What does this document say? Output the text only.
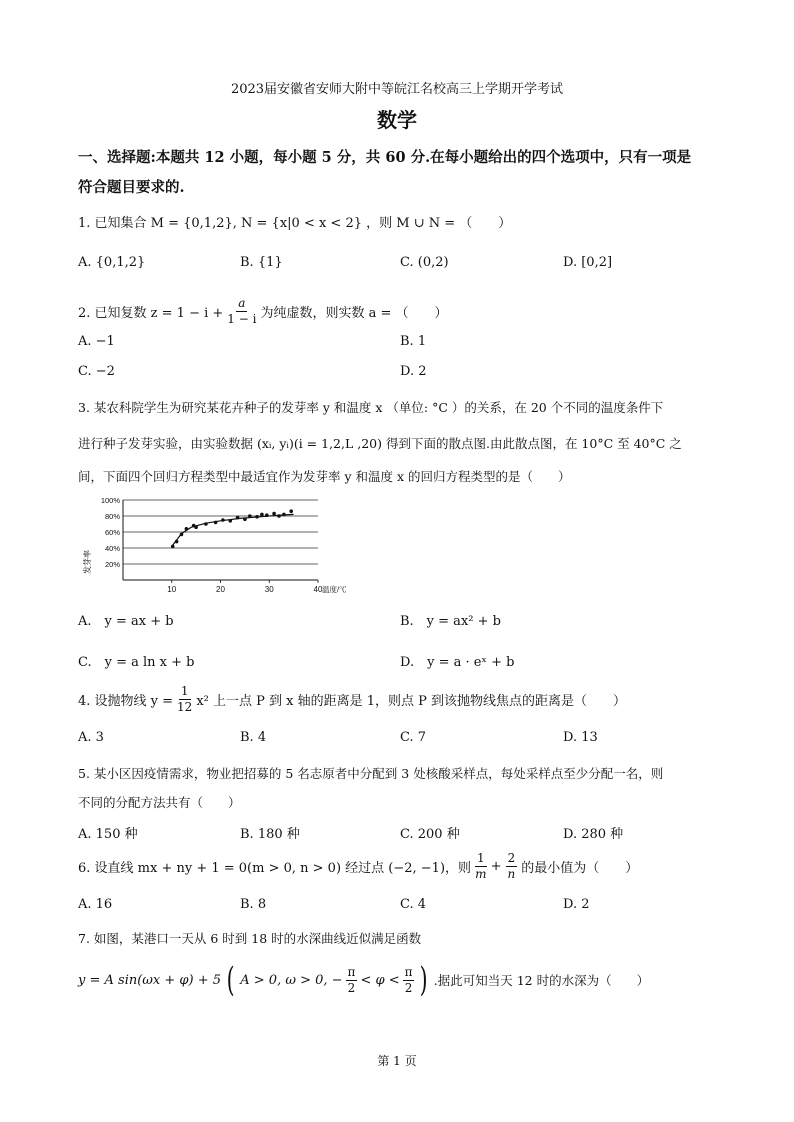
2023届安徽省安师大附中等皖江名校高三上学期开学考试
数学
一、选择题:本题共 12 小题，每小题 5 分，共 60 分.在每小题给出的四个选项中，只有一项是
符合题目要求的.
1. 已知集合 M = {0,1,2}, N = {x|0 < x < 2} ，则 M ∪ N = （　　）
A. {0,1,2}	B. {1}	C. (0,2)	D. [0,2]
2. 已知复数 $z = 1 - i + \frac{a}{1 - i}$ 为纯虚数，则实数 a = （　　）
A. −1	B. 1
C. −2	D. 2
3. 某农科院学生为研究某花卉种子的发芽率 y 和温度 x （单位: °C ）的关系，在 20 个不同的温度条件下
进行种子发芽实验，由实验数据 (xᵢ, yᵢ)(i = 1,2,L ,20) 得到下面的散点图.由此散点图，在 10°C 至 40°C 之
间，下面四个回归方程类型中最适宜作为发芽率 y 和温度 x 的回归方程类型的是（　　）
发芽率
100%
80%
60%
40%
20%
10	20	30	40 温度/℃
A.　y = ax + b	B.　y = ax² + b
C.　y = a ln x + b	D.　y = a · eˣ + b
4. 设抛物线 $y = \frac{1}{12} x^2$ 上一点 P 到 x 轴的距离是 1，则点 P 到该抛物线焦点的距离是（　　）
A. 3	B. 4	C. 7	D. 13
5. 某小区因疫情需求，物业把招募的 5 名志原者中分配到 3 处核酸采样点，每处采样点至少分配一名，则
不同的分配方法共有（　　）
A. 150 种	B. 180 种	C. 200 种	D. 280 种
6. 设直线 mx + ny + 1 = 0(m > 0, n > 0) 经过点 (−2, −1)，则 $\frac{1}{m} + \frac{2}{n}$ 的最小值为（　　）
A. 16	B. 8	C. 4	D. 2
7. 如图，某港口一天从 6 时到 18 时的水深曲线近似满足函数
y = A sin(ωx + φ) + 5 ( A > 0, ω > 0, − $\frac{\pi}{2} < \varphi < \frac{\pi}{2}$ ) .据此可知当天 12 时的水深为（　　）
第 1 页
